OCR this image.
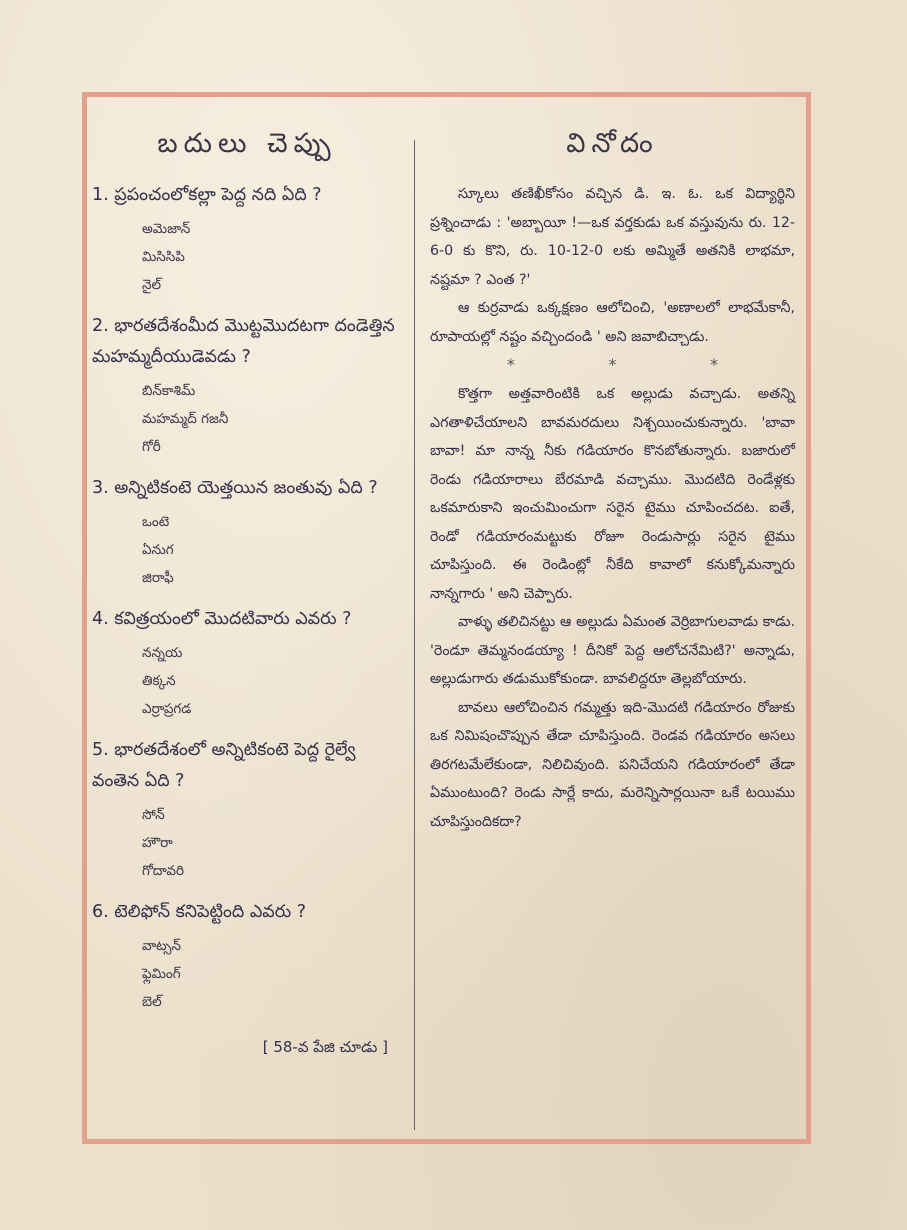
బదులు చెప్పు
1. ప్రపంచంలోకల్లా పెద్ద నది ఏది ?
అమెజాన్
మిసిసిపి
నైల్
2. భారతదేశంమీద మొట్టమొదటగా దండెత్తిన మహమ్మదీయుడెవడు ?
బిన్‌కాశిమ్
మహమ్మద్ గజనీ
గోరీ
3. అన్నిటికంటె యెత్తయిన జంతువు ఏది ?
ఒంటె
ఏనుగ
జిరాఫీ
4. కవిత్రయంలో మొదటివారు ఎవరు ?
నన్నయ
తిక్కన
ఎర్రాప్రగడ
5. భారతదేశంలో అన్నిటికంటె పెద్ద రైల్వే వంతెన ఏది ?
సోన్
హౌరా
గోదావరి
6. టెలిఫోన్ కనిపెట్టింది ఎవరు ?
వాట్సన్
ఫ్లెమింగ్
బెల్
[ 58-వ పేజి చూడు ]
వినోదం

స్కూలు తణిఖీకోసం వచ్చిన డి. ఇ. ఓ. ఒక విద్యార్థిని ప్రశ్నించాడు : 'అబ్బాయీ !—ఒక వర్తకుడు ఒక వస్తువును రు. 12-6-0 కు కొని, రు. 10-12-0 లకు అమ్మితే అతనికి లాభమా, నష్టమా ? ఎంత ?'

ఆ కుర్రవాడు ఒక్కక్షణం ఆలోచించి, 'అణాలలో లాభమేకానీ, రూపాయల్లో నష్టం వచ్చిందండి ' అని జవాబిచ్చాడు.

*	*	*

కొత్తగా అత్తవారింటికి ఒక అల్లుడు వచ్చాడు. అతన్ని ఎగతాళిచేయాలని బావమరదులు నిశ్చయించుకున్నారు. 'బావా బావా! మా నాన్న నీకు గడియారం కొనబోతున్నారు. బజారులో రెండు గడియారాలు బేరమాడి వచ్చాము. మొదటిది రెండేళ్లకు ఒకమారుకాని ఇంచుమించుగా సరైన టైము చూపించదట. ఐతే, రెండో గడియారంమట్టుకు రోజూ రెండుసార్లు సరైన టైము చూపిస్తుంది. ఈ రెండింట్లో నీకేది కావాలో కనుక్కోమన్నారు నాన్నగారు ' అని చెప్పారు.

వాళ్ళు తలిచినట్టు ఆ అల్లుడు ఏమంత వెర్రిబాగులవాడు కాడు. 'రెండూ తెమ్మనండయ్యా ! దీనికో పెద్ద ఆలోచనేమిటి?' అన్నాడు, అల్లుడుగారు తడుముకోకుండా. బావలిద్దరూ తెల్లబోయారు.

బావలు ఆలోచించిన గమ్మత్తు ఇది-మొదటి గడియారం రోజుకు ఒక నిమిషంచొప్పున తేడా చూపిస్తుంది. రెండవ గడియారం అసలు తిరగటమేలేకుండా, నిలిచివుంది. పనిచేయని గడియారంలో తేడా ఏముంటుంది? రెండు సార్లే కాదు, మరెన్నిసార్లయినా ఒకే టయిము చూపిస్తుందికదా?
